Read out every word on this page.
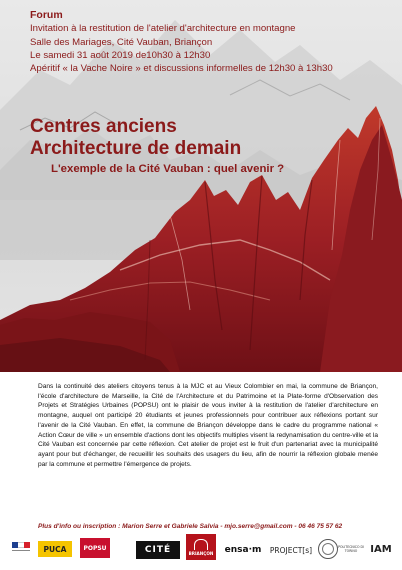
Forum
Invitation à la restitution de l'atelier d'architecture en montagne
Salle des Mariages, Cité Vauban, Briançon
Le samedi 31 août 2019 de10h30 à 12h30
Apéritif « la Vache Noire » et discussions informelles de 12h30 à 13h30
Centres anciens
Architecture de demain
L'exemple de la Cité Vauban : quel avenir ?
Dans la continuité des ateliers citoyens tenus à la MJC et au Vieux Colombier en mai, la commune de Briançon, l'école d'architecture de Marseille, la Cité de l'Architecture et du Patrimoine et la Plate-forme d'Observation des Projets et Stratégies Urbaines (POPSU) ont le plaisir de vous inviter à la restitution de l'atelier d'architecture en montagne, auquel ont participé 20 étudiants et jeunes professionnels pour contribuer aux réflexions portant sur l'avenir de la Cité Vauban. En effet, la commune de Briançon développe dans le cadre du programme national « Action Cœur de ville » un ensemble d'actions dont les objectifs multiples visent la redynamisation du centre-ville et la Cité Vauban est concernée par cette réflexion. Cet atelier de projet est le fruit d'un partenariat avec la municipalité ayant pour but d'échanger, de recueillir les souhaits des usagers du lieu, afin de nourrir la réflexion globale menée par la commune et permettre l'émergence de projets.
Plus d'info ou inscription : Marion Serre et Gabriele Salvia - mjo.serre@gmail.com - 06 46 75 57 62
PUCA	POPSU	CITÉ	BRIANÇON ensa·m PROJECT[s]	POLITECNICO DI TORINO	IAM
